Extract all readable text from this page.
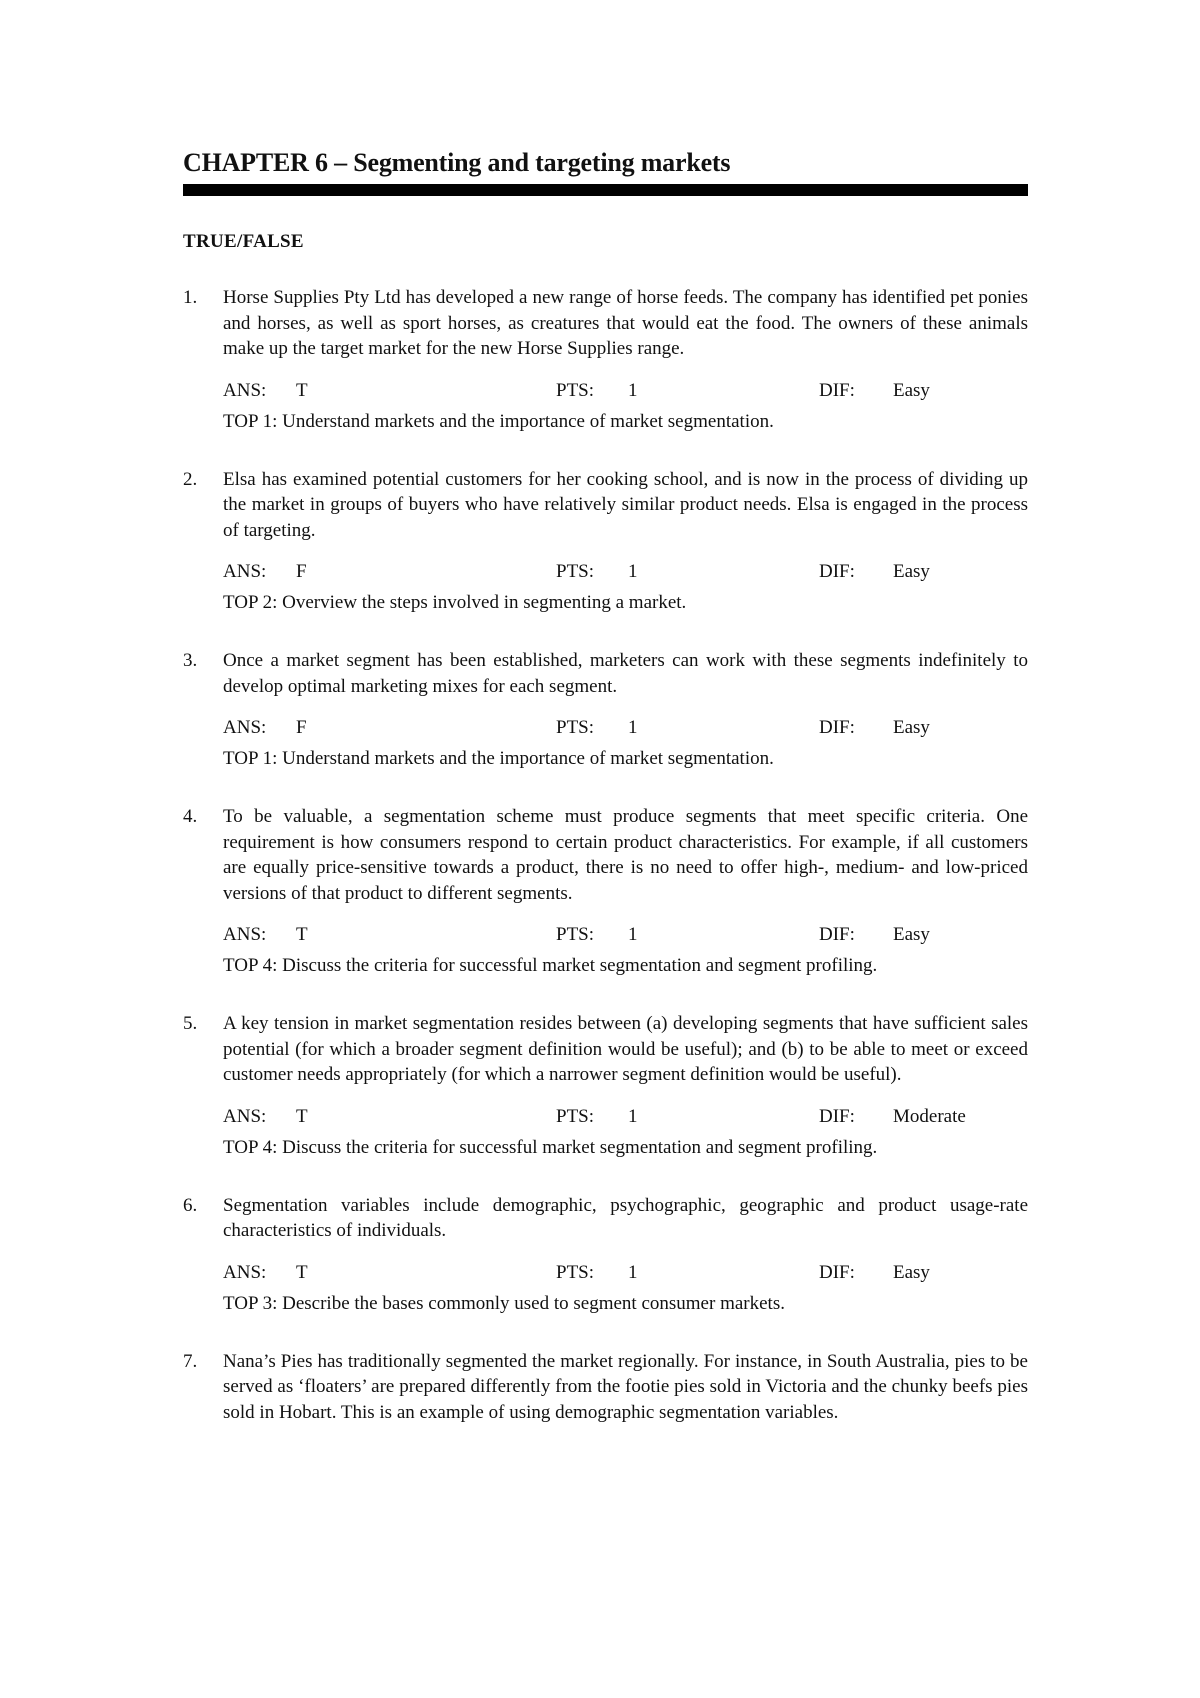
CHAPTER 6 – Segmenting and targeting markets
TRUE/FALSE
1. Horse Supplies Pty Ltd has developed a new range of horse feeds. The company has identified pet ponies and horses, as well as sport horses, as creatures that would eat the food. The owners of these animals make up the target market for the new Horse Supplies range.

ANS:	T	PTS:	1	DIF:	Easy
TOP 1: Understand markets and the importance of market segmentation.
2. Elsa has examined potential customers for her cooking school, and is now in the process of dividing up the market in groups of buyers who have relatively similar product needs. Elsa is engaged in the process of targeting.

ANS:	F	PTS:	1	DIF:	Easy
TOP 2: Overview the steps involved in segmenting a market.
3. Once a market segment has been established, marketers can work with these segments indefinitely to develop optimal marketing mixes for each segment.

ANS:	F	PTS:	1	DIF:	Easy
TOP 1: Understand markets and the importance of market segmentation.
4. To be valuable, a segmentation scheme must produce segments that meet specific criteria. One requirement is how consumers respond to certain product characteristics. For example, if all customers are equally price-sensitive towards a product, there is no need to offer high-, medium- and low-priced versions of that product to different segments.

ANS:	T	PTS:	1	DIF:	Easy
TOP 4: Discuss the criteria for successful market segmentation and segment profiling.
5. A key tension in market segmentation resides between (a) developing segments that have sufficient sales potential (for which a broader segment definition would be useful); and (b) to be able to meet or exceed customer needs appropriately (for which a narrower segment definition would be useful).

ANS:	T	PTS:	1	DIF:	Moderate
TOP 4: Discuss the criteria for successful market segmentation and segment profiling.
6. Segmentation variables include demographic, psychographic, geographic and product usage-rate characteristics of individuals.

ANS:	T	PTS:	1	DIF:	Easy
TOP 3: Describe the bases commonly used to segment consumer markets.
7. Nana’s Pies has traditionally segmented the market regionally. For instance, in South Australia, pies to be served as ‘floaters’ are prepared differently from the footie pies sold in Victoria and the chunky beefs pies sold in Hobart. This is an example of using demographic segmentation variables.
